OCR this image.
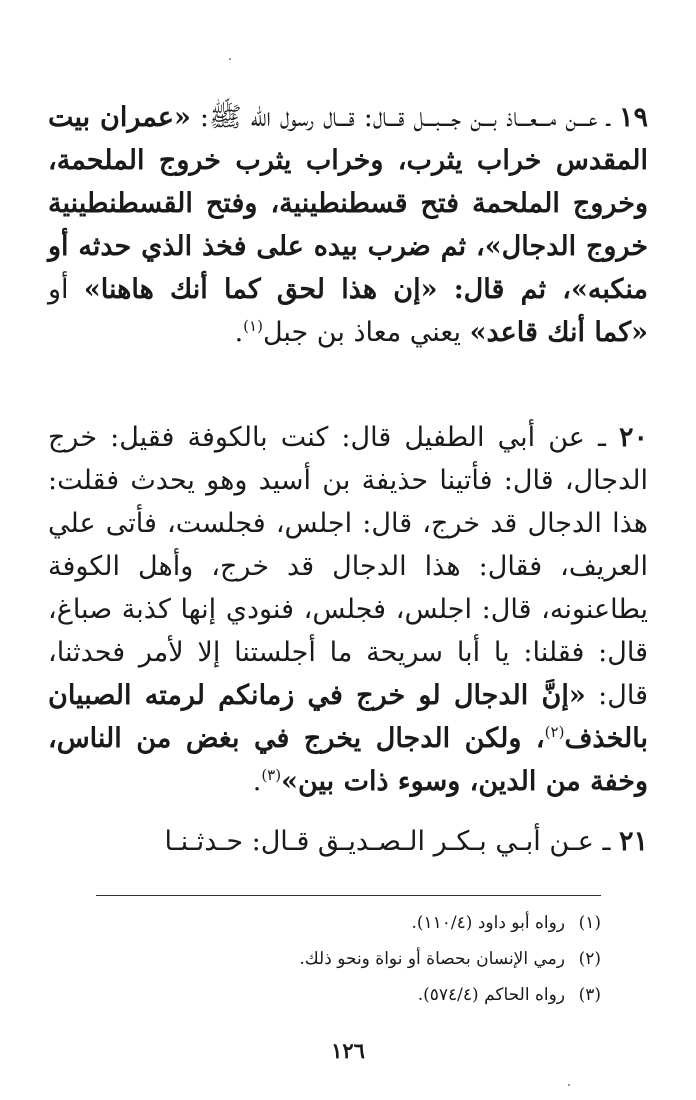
١٩ ـ عـــن مـــعـــاذ بـــن جـــبـــل قـــال: قـــال رسول الله ﷺ: «عمران بيت المقدس خراب يثرب، وخراب يثرب خروج الملحمة، وخروج الملحمة فتح قسطنطينية، وفتح القسطنطينية خروج الدجال»، ثم ضرب بيده على فخذ الذي حدثه أو منكبه»، ثم قال: «إن هذا لحق كما أنك هاهنا» أو «كما أنك قاعد» يعني معاذ بن جبل$^{(١)}$.

٢٠ ـ عن أبي الطفيل قال: كنت بالكوفة فقيل: خرج الدجال، قال: فأتينا حذيفة بن أسيد وهو يحدث فقلت: هذا الدجال قد خرج، قال: اجلس، فجلست، فأتى علي العريف، فقال: هذا الدجال قد خرج، وأهل الكوفة يطاعنونه، قال: اجلس، فجلس، فنودي إنها كذبة صباغ، قال: فقلنا: يا أبا سريحة ما أجلستنا إلا لأمر فحدثنا، قال: «إنَّ الدجال لو خرج في زمانكم لرمته الصبيان بالخذف$^{(٢)}$، ولكن الدجال يخرج في بغض من الناس، وخفة من الدين، وسوء ذات بين»$^{(٣)}$.

٢١ ـ عـن أبـي بـكـر الـصـديـق قـال: حـدثـنـا

(١)رواه أبو داود (١١٠/٤).
(٢)رمي الإنسان بحصاة أو نواة ونحو ذلك.
(٣)رواه الحاكم (٥٧٤/٤).
١٢٦
